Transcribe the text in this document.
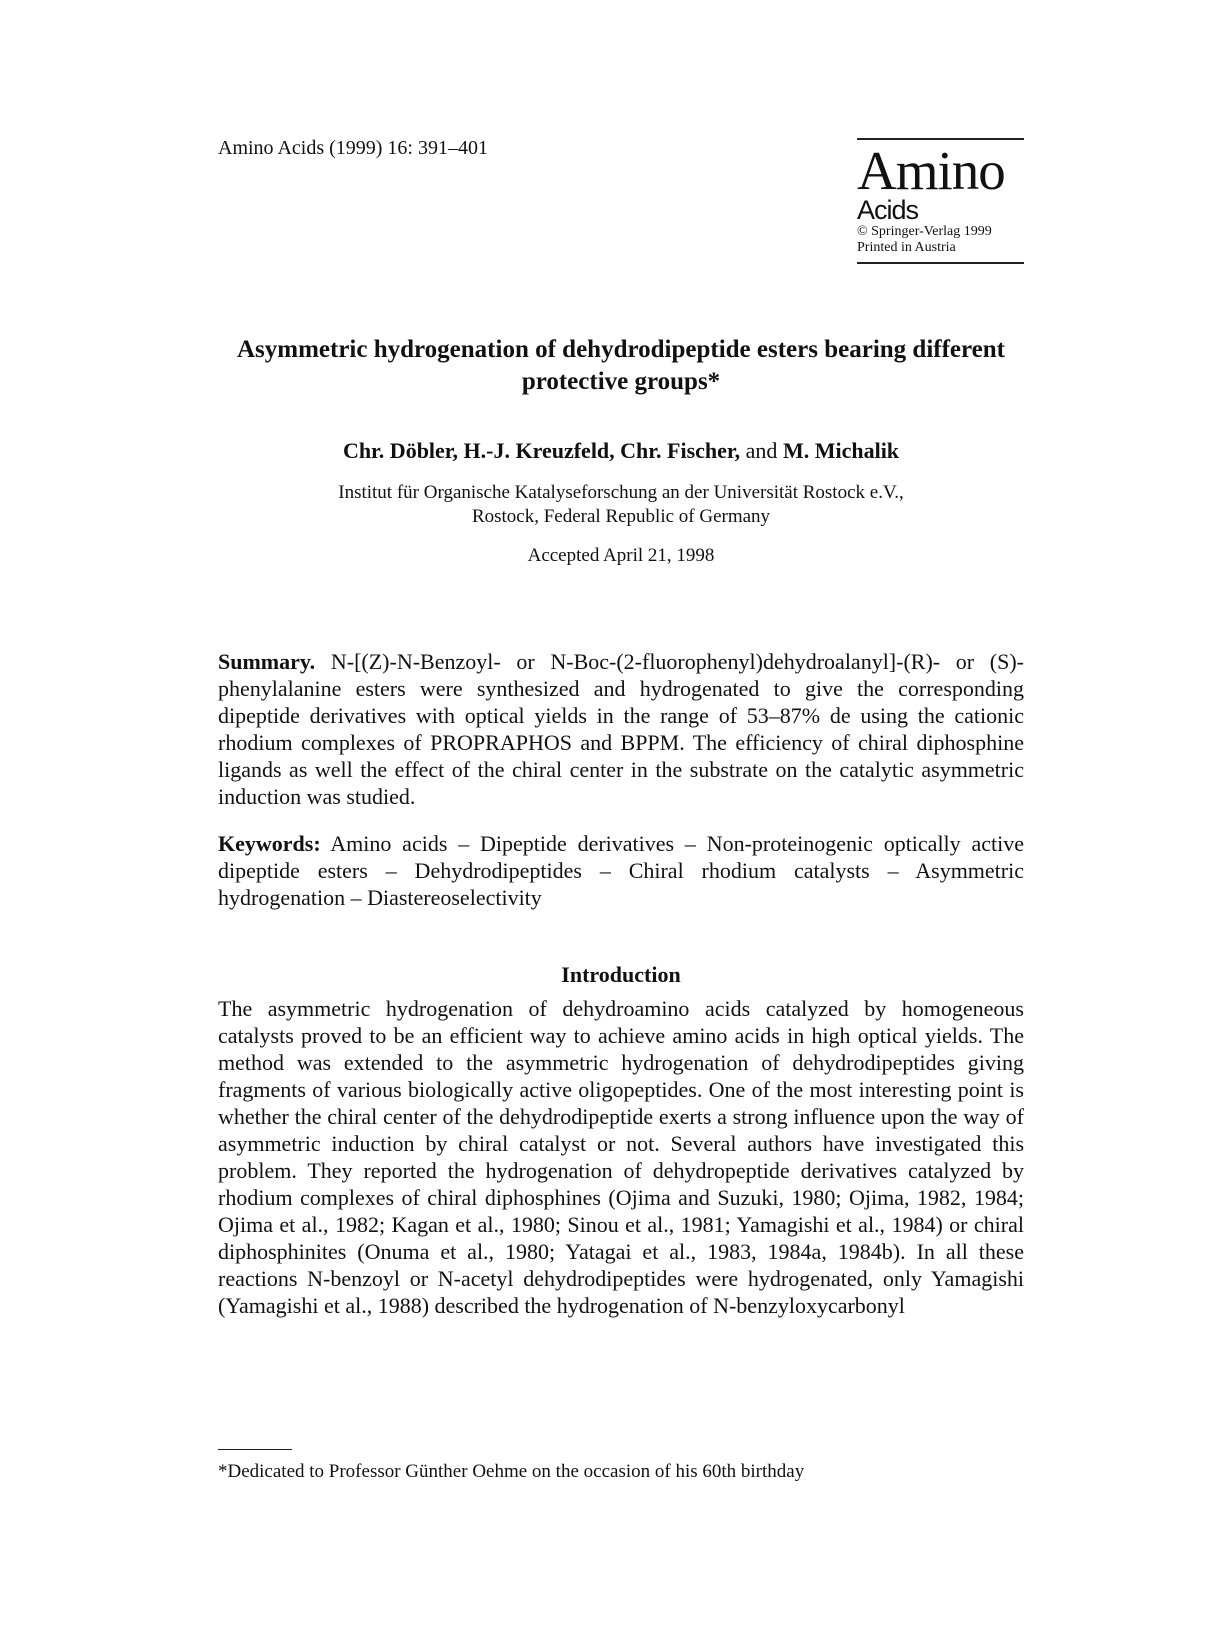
Amino Acids (1999) 16: 391–401	Amino
Acids
© Springer-Verlag 1999
Printed in Austria
Asymmetric hydrogenation of dehydrodipeptide esters bearing different protective groups*
Chr. Döbler, H.-J. Kreuzfeld, Chr. Fischer, and M. Michalik
Institut für Organische Katalyseforschung an der Universität Rostock e.V.,
Rostock, Federal Republic of Germany
Accepted April 21, 1998
Summary. N-[(Z)-N-Benzoyl- or N-Boc-(2-fluorophenyl)dehydroalanyl]-(R)- or (S)-phenylalanine esters were synthesized and hydrogenated to give the corresponding dipeptide derivatives with optical yields in the range of 53–87% de using the cationic rhodium complexes of PROPRAPHOS and BPPM. The efficiency of chiral diphosphine ligands as well the effect of the chiral center in the substrate on the catalytic asymmetric induction was studied.
Keywords: Amino acids – Dipeptide derivatives – Non-proteinogenic optically active dipeptide esters – Dehydrodipeptides – Chiral rhodium catalysts – Asymmetric hydrogenation – Diastereoselectivity
Introduction
The asymmetric hydrogenation of dehydroamino acids catalyzed by homogeneous catalysts proved to be an efficient way to achieve amino acids in high optical yields. The method was extended to the asymmetric hydrogenation of dehydrodipeptides giving fragments of various biologically active oligopeptides. One of the most interesting point is whether the chiral center of the dehydrodipeptide exerts a strong influence upon the way of asymmetric induction by chiral catalyst or not. Several authors have investigated this problem. They reported the hydrogenation of dehydropeptide derivatives catalyzed by rhodium complexes of chiral diphosphines (Ojima and Suzuki, 1980; Ojima, 1982, 1984; Ojima et al., 1982; Kagan et al., 1980; Sinou et al., 1981; Yamagishi et al., 1984) or chiral diphosphinites (Onuma et al., 1980; Yatagai et al., 1983, 1984a, 1984b). In all these reactions N-benzoyl or N-acetyl dehydrodipeptides were hydrogenated, only Yamagishi (Yamagishi et al., 1988) described the hydrogenation of N-benzyloxycarbonyl
*Dedicated to Professor Günther Oehme on the occasion of his 60th birthday
